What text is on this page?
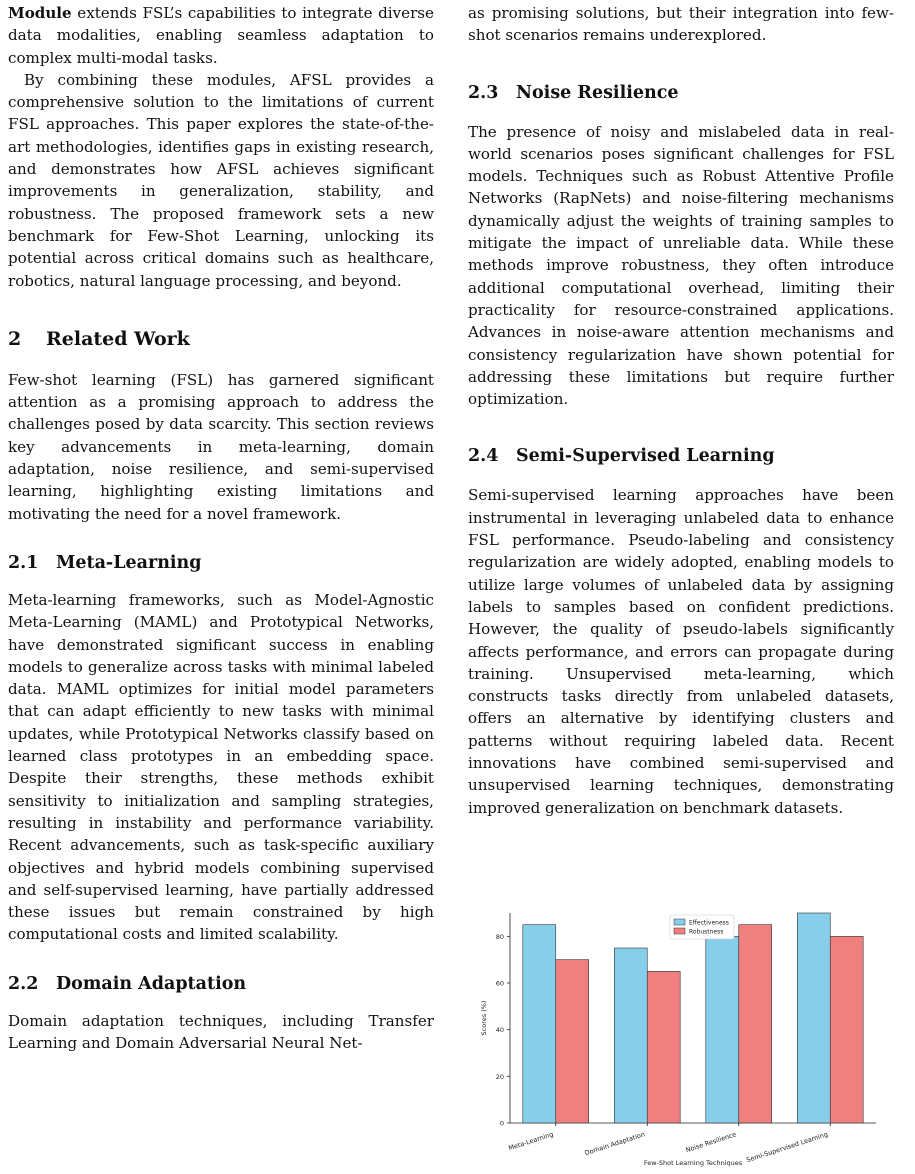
Module extends FSL’s capabilities to integrate diverse data modalities, enabling seamless adaptation to complex multi-modal tasks.

By combining these modules, AFSL provides a comprehensive solution to the limitations of current FSL approaches. This paper explores the state-of-the-art methodologies, identifies gaps in existing research, and demonstrates how AFSL achieves significant improvements in generalization, stability, and robustness. The proposed framework sets a new benchmark for Few-Shot Learning, unlocking its potential across critical domains such as healthcare, robotics, natural language processing, and beyond.

2 Related Work

Few-shot learning (FSL) has garnered significant attention as a promising approach to address the challenges posed by data scarcity. This section reviews key advancements in meta-learning, domain adaptation, noise resilience, and semi-supervised learning, highlighting existing limitations and motivating the need for a novel framework.

2.1 Meta-Learning

Meta-learning frameworks, such as Model-Agnostic Meta-Learning (MAML) and Prototypical Networks, have demonstrated significant success in enabling models to generalize across tasks with minimal labeled data. MAML optimizes for initial model parameters that can adapt efficiently to new tasks with minimal updates, while Prototypical Networks classify based on learned class prototypes in an embedding space. Despite their strengths, these methods exhibit sensitivity to initialization and sampling strategies, resulting in instability and performance variability. Recent advancements, such as task-specific auxiliary objectives and hybrid models combining supervised and self-supervised learning, have partially addressed these issues but remain constrained by high computational costs and limited scalability.

2.2 Domain Adaptation

Domain adaptation techniques, including Transfer Learning and Domain Adversarial Neural Net-

as promising solutions, but their integration into few-shot scenarios remains underexplored.

2.3 Noise Resilience

The presence of noisy and mislabeled data in real-world scenarios poses significant challenges for FSL models. Techniques such as Robust Attentive Profile Networks (RapNets) and noise-filtering mechanisms dynamically adjust the weights of training samples to mitigate the impact of unreliable data. While these methods improve robustness, they often introduce additional computational overhead, limiting their practicality for resource-constrained applications. Advances in noise-aware attention mechanisms and consistency regularization have shown potential for addressing these limitations but require further optimization.

2.4 Semi-Supervised Learning

Semi-supervised learning approaches have been instrumental in leveraging unlabeled data to enhance FSL performance. Pseudo-labeling and consistency regularization are widely adopted, enabling models to utilize large volumes of unlabeled data by assigning labels to samples based on confident predictions. However, the quality of pseudo-labels significantly affects performance, and errors can propagate during training. Unsupervised meta-learning, which constructs tasks directly from unlabeled datasets, offers an alternative by identifying clusters and patterns without requiring labeled data. Recent innovations have combined semi-supervised and unsupervised learning techniques, demonstrating improved generalization on benchmark datasets.

0
20
40
60
80
Meta-Learning	Domain Adaptation	Noise Resilience Semi-Supervised Learning
Few-Shot Learning Techniques
Scores (%)
Effectiveness
Robustness
